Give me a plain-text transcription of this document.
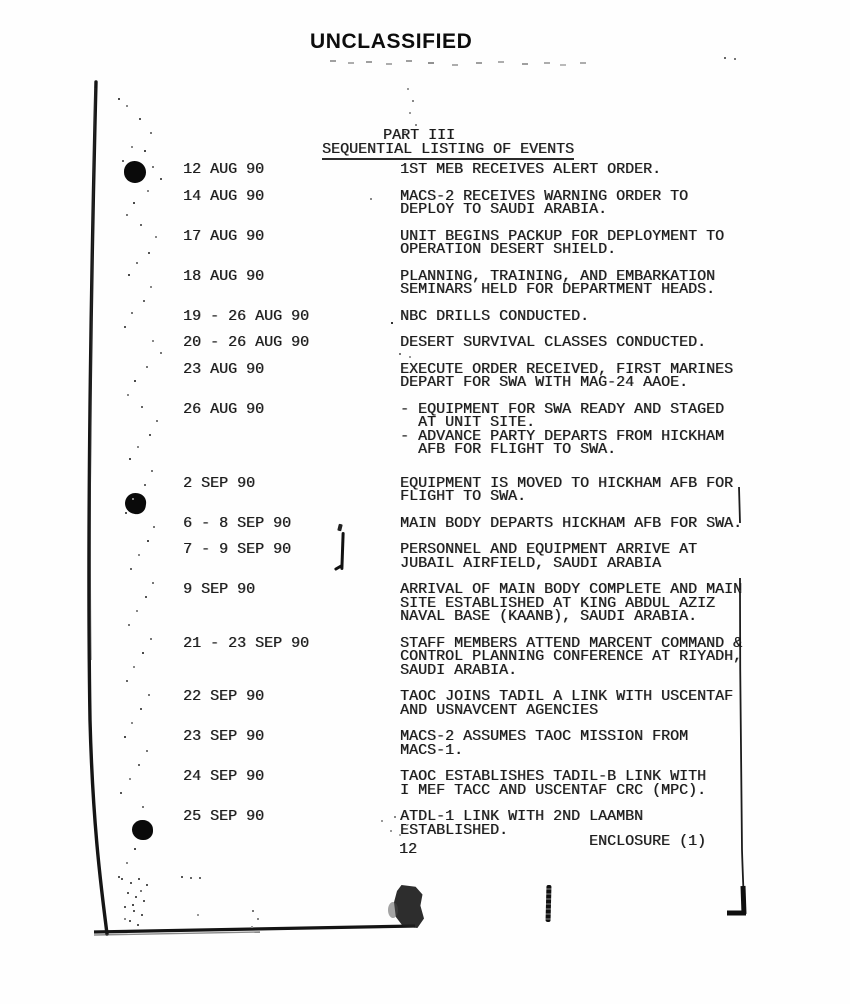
UNCLASSIFIED
PART III
SEQUENTIAL LISTING OF EVENTS
12 AUG 90	1ST MEB RECEIVES ALERT ORDER.
14 AUG 90	MACS-2 RECEIVES WARNING ORDER TO
DEPLOY TO SAUDI ARABIA.
17 AUG 90	UNIT BEGINS PACKUP FOR DEPLOYMENT TO
OPERATION DESERT SHIELD.
18 AUG 90	PLANNING, TRAINING, AND EMBARKATION
SEMINARS HELD FOR DEPARTMENT HEADS.
19 - 26 AUG 90	NBC DRILLS CONDUCTED.
20 - 26 AUG 90	DESERT SURVIVAL CLASSES CONDUCTED.
23 AUG 90	EXECUTE ORDER RECEIVED, FIRST MARINES
DEPART FOR SWA WITH MAG-24 AAOE.
26 AUG 90	- EQUIPMENT FOR SWA READY AND STAGED
AT UNIT SITE.
- ADVANCE PARTY DEPARTS FROM HICKHAM
AFB FOR FLIGHT TO SWA.
2 SEP 90	EQUIPMENT IS MOVED TO HICKHAM AFB FOR
FLIGHT TO SWA.
6 - 8 SEP 90	MAIN BODY DEPARTS HICKHAM AFB FOR SWA.
7 - 9 SEP 90	PERSONNEL AND EQUIPMENT ARRIVE AT
JUBAIL AIRFIELD, SAUDI ARABIA
9 SEP 90	ARRIVAL OF MAIN BODY COMPLETE AND MAIN
SITE ESTABLISHED AT KING ABDUL AZIZ
NAVAL BASE (KAANB), SAUDI ARABIA.
21 - 23 SEP 90	STAFF MEMBERS ATTEND MARCENT COMMAND &
CONTROL PLANNING CONFERENCE AT RIYADH,
SAUDI ARABIA.
22 SEP 90	TAOC JOINS TADIL A LINK WITH USCENTAF
AND USNAVCENT AGENCIES
23 SEP 90	MACS-2 ASSUMES TAOC MISSION FROM
MACS-1.
24 SEP 90	TAOC ESTABLISHES TADIL-B LINK WITH
I MEF TACC AND USCENTAF CRC (MPC).
25 SEP 90	ATDL-1 LINK WITH 2ND LAAMBN
ESTABLISHED.
ENCLOSURE (1)
12
